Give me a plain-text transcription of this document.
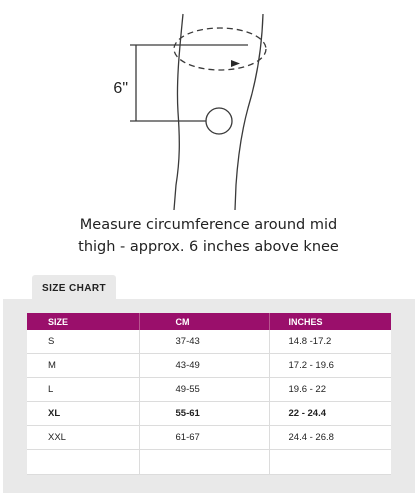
6"
Measure circumference around mid
thigh - approx. 6 inches above knee
SIZE CHART
SIZE	CM	INCHES
S	37-43	14.8 -17.2
M	43-49	17.2 - 19.6
L	49-55	19.6 - 22
XL	55-61	22 - 24.4
XXL	61-67	24.4 - 26.8
